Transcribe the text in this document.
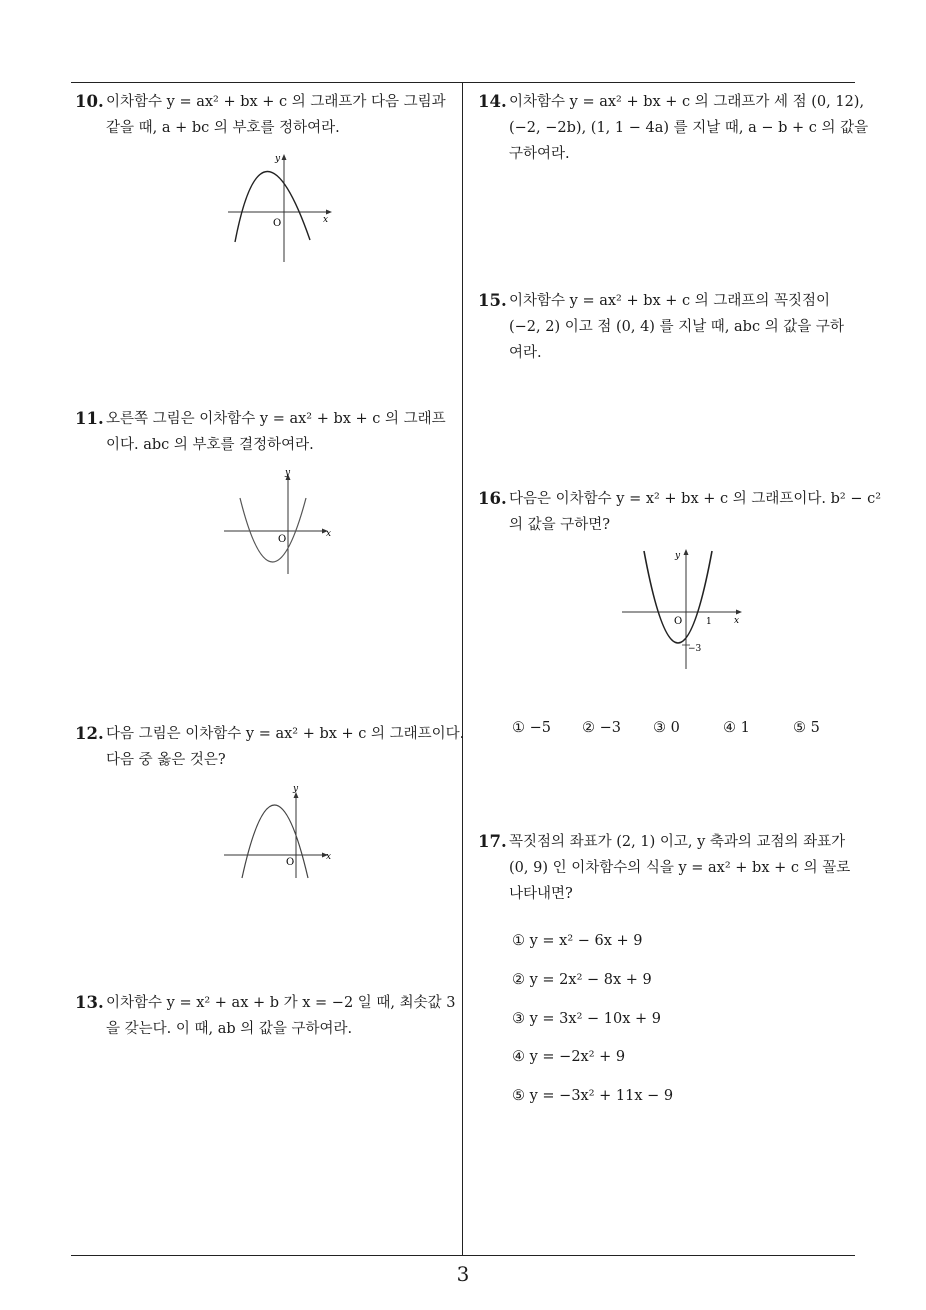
10. 이차함수 y = ax² + bx + c 의 그래프가 다음 그림과
같을 때, a + bc 의 부호를 정하여라.
x
y
O
11. 오른쪽 그림은 이차함수 y = ax² + bx + c 의 그래프
이다. abc 의 부호를 결정하여라.
x
y
O
12. 다음 그림은 이차함수 y = ax² + bx + c 의 그래프이다.
다음 중 옳은 것은?
x
y
O
13. 이차함수 y = x² + ax + b 가 x = −2 일 때, 최솟값 3
을 갖는다. 이 때, ab 의 값을 구하여라.
14. 이차함수 y = ax² + bx + c 의 그래프가 세 점 (0, 12),
(−2, −2b), (1, 1 − 4a) 를 지날 때, a − b + c 의 값을
구하여라.
15. 이차함수 y = ax² + bx + c 의 그래프의 꼭짓점이
(−2, 2) 이고 점 (0, 4) 를 지날 때, abc 의 값을 구하
여라.
16. 다음은 이차함수 y = x² + bx + c 의 그래프이다. b² − c²
의 값을 구하면?
x
y
O	1
−3
① −5 ② −3 ③ 0	④ 1	⑤ 5
17. 꼭짓점의 좌표가 (2, 1) 이고, y 축과의 교점의 좌표가
(0, 9) 인 이차함수의 식을 y = ax² + bx + c 의 꼴로
나타내면?
① y = x² − 6x + 9
② y = 2x² − 8x + 9
③ y = 3x² − 10x + 9
④ y = −2x² + 9
⑤ y = −3x² + 11x − 9
3
